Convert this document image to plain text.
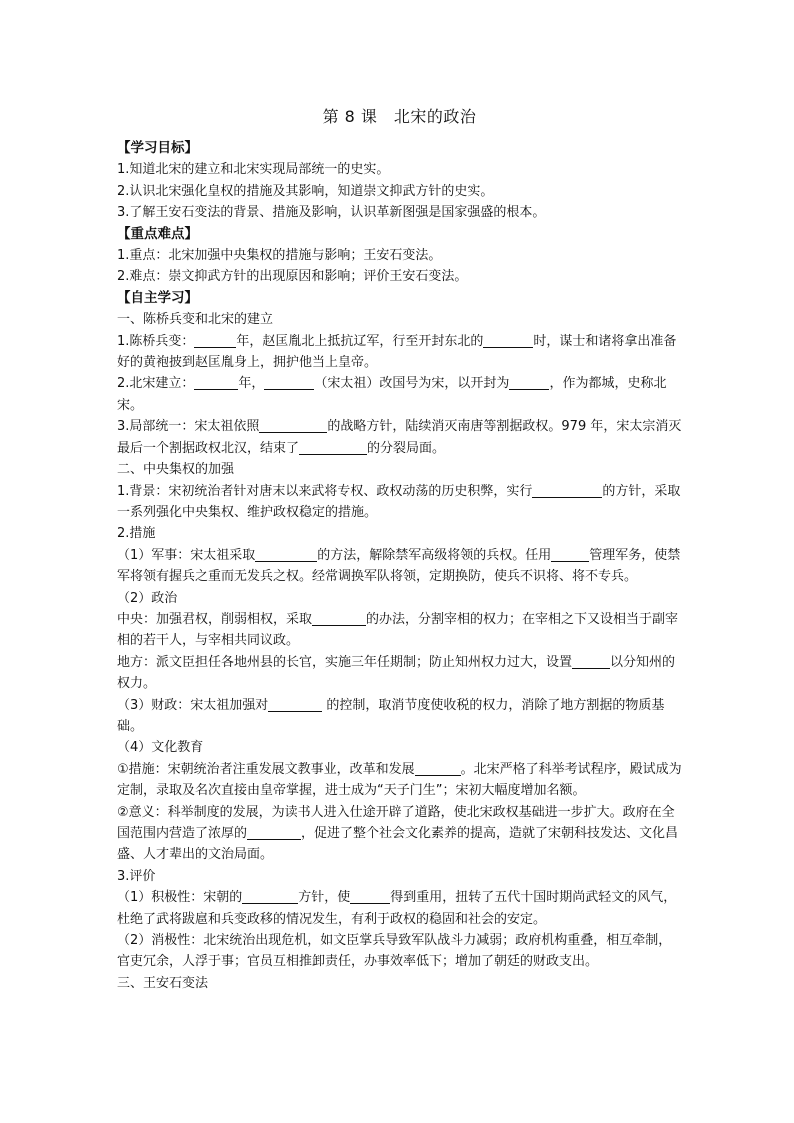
第 8 课　北宋的政治
【学习目标】
1.知道北宋的建立和北宋实现局部统一的史实。
2.认识北宋强化皇权的措施及其影响，知道崇文抑武方针的史实。
3.了解王安石变法的背景、措施及影响，认识革新图强是国家强盛的根本。
【重点难点】
1.重点：北宋加强中央集权的措施与影响；王安石变法。
2.难点：崇文抑武方针的出现原因和影响；评价王安石变法。
【自主学习】
一、陈桥兵变和北宋的建立

1.陈桥兵变：	年，赵匡胤北上抵抗辽军，行至开封东北的	时，谋士和诸将拿出准备好的黄袍披到赵匡胤身上，拥护他当上皇帝。

2.北宋建立：	年，	（宋太祖）改国号为宋，以开封为	，作为都城，史称北宋。

3.局部统一：宋太祖依照	的战略方针，陆续消灭南唐等割据政权。979 年，宋太宗消灭最后一个割据政权北汉，结束了	的分裂局面。

二、中央集权的加强

1.背景：宋初统治者针对唐末以来武将专权、政权动荡的历史积弊，实行	的方针，采取一系列强化中央集权、维护政权稳定的措施。

2.措施

（1）军事：宋太祖采取	的方法，解除禁军高级将领的兵权。任用	管理军务，使禁军将领有握兵之重而无发兵之权。经常调换军队将领，定期换防，使兵不识将、将不专兵。

（2）政治

中央：加强君权，削弱相权，采取	的办法，分割宰相的权力；在宰相之下又设相当于副宰相的若干人，与宰相共同议政。

地方：派文臣担任各地州县的长官，实施三年任期制；防止知州权力过大，设置	以分知州的权力。

（3）财政：宋太祖加强对	的控制，取消节度使收税的权力，消除了地方割据的物质基础。

（4）文化教育

①措施：宋朝统治者注重发展文教事业，改革和发展	。北宋严格了科举考试程序，殿试成为定制，录取及名次直接由皇帝掌握，进士成为“天子门生”；宋初大幅度增加名额。

②意义：科举制度的发展，为读书人进入仕途开辟了道路，使北宋政权基础进一步扩大。政府在全国范围内营造了浓厚的	，促进了整个社会文化素养的提高，造就了宋朝科技发达、文化昌盛、人才辈出的文治局面。

3.评价

（1）积极性：宋朝的	方针，使	得到重用，扭转了五代十国时期尚武轻文的风气，杜绝了武将跋扈和兵变政移的情况发生，有利于政权的稳固和社会的安定。

（2）消极性：北宋统治出现危机，如文臣掌兵导致军队战斗力减弱；政府机构重叠，相互牵制，官吏冗余，人浮于事；官员互相推卸责任，办事效率低下；增加了朝廷的财政支出。

三、王安石变法
